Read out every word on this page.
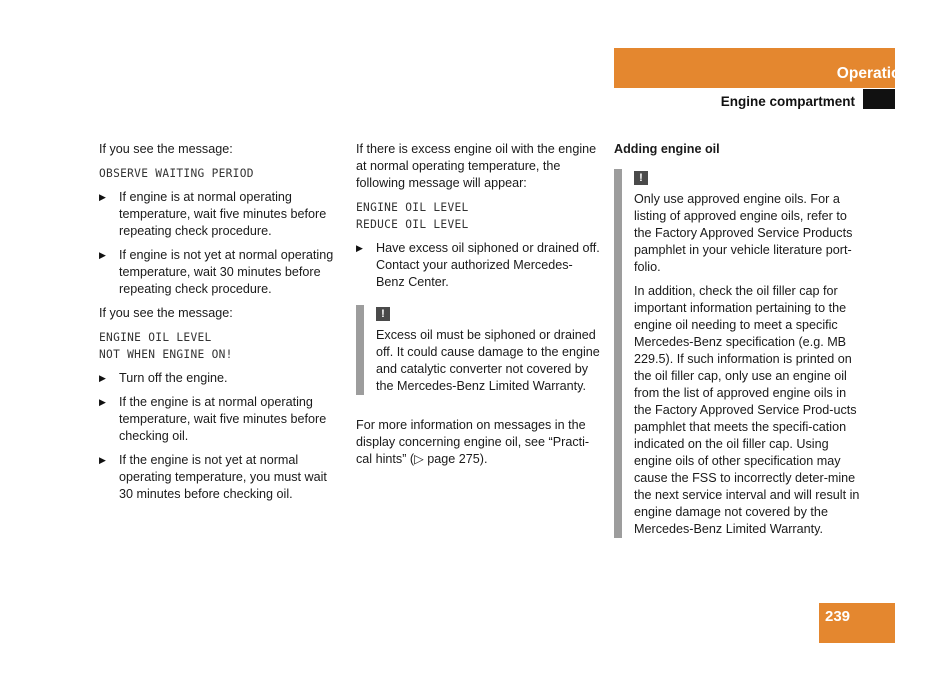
Operation
Engine compartment

If you see the message:

OBSERVE WAITING PERIOD
▶ If engine is at normal operating temperature, wait five minutes before repeating check procedure.
▶ If engine is not yet at normal operating temperature, wait 30 minutes before repeating check procedure.

If you see the message:

ENGINE OIL LEVEL
NOT WHEN ENGINE ON!
▶ Turn off the engine.
▶ If the engine is at normal operating temperature, wait five minutes before checking oil.
▶ If the engine is not yet at normal operating temperature, you must wait 30 minutes before checking oil.

If there is excess engine oil with the engine at normal operating temperature, the following message will appear:

ENGINE OIL LEVEL
REDUCE OIL LEVEL
▶ Have excess oil siphoned or drained off. Contact your authorized Mercedes-Benz Center.
!

Excess oil must be siphoned or drained off. It could cause damage to the engine and catalytic converter not covered by the Mercedes-Benz Limited Warranty.

For more information on messages in the display concerning engine oil, see “Practi-cal hints” (▷ page 275).

Adding engine oil
!

Only use approved engine oils. For a listing of approved engine oils, refer to the Factory Approved Service Products pamphlet in your vehicle literature port-folio.

In addition, check the oil filler cap for important information pertaining to the engine oil needing to meet a specific Mercedes-Benz specification (e.g. MB 229.5). If such information is printed on the oil filler cap, only use an engine oil from the list of approved engine oils in the Factory Approved Service Prod-ucts pamphlet that meets the specifi-cation indicated on the oil filler cap. Using engine oils of other specification may cause the FSS to incorrectly deter-mine the next service interval and will result in engine damage not covered by the Mercedes-Benz Limited Warranty.

239
